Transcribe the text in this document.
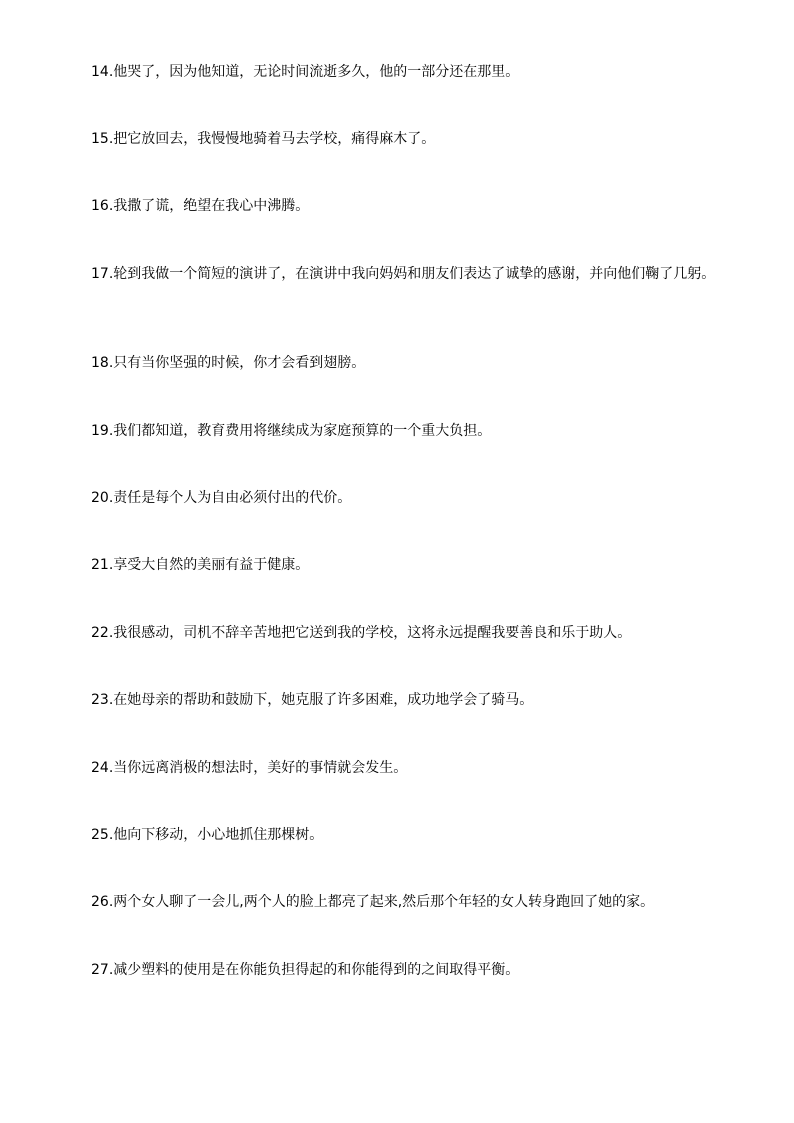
14.他哭了，因为他知道，无论时间流逝多久，他的一部分还在那里。

15.把它放回去，我慢慢地骑着马去学校，痛得麻木了。

16.我撒了谎，绝望在我心中沸腾。

17.轮到我做一个简短的演讲了，在演讲中我向妈妈和朋友们表达了诚挚的感谢，并向他们鞠了几躬。

18.只有当你坚强的时候，你才会看到翅膀。

19.我们都知道，教育费用将继续成为家庭预算的一个重大负担。

20.责任是每个人为自由必须付出的代价。

21.享受大自然的美丽有益于健康。

22.我很感动，司机不辞辛苦地把它送到我的学校，这将永远提醒我要善良和乐于助人。

23.在她母亲的帮助和鼓励下，她克服了许多困难，成功地学会了骑马。

24.当你远离消极的想法时，美好的事情就会发生。

25.他向下移动，小心地抓住那棵树。

26.两个女人聊了一会儿,两个人的脸上都亮了起来,然后那个年轻的女人转身跑回了她的家。

27.减少塑料的使用是在你能负担得起的和你能得到的之间取得平衡。
